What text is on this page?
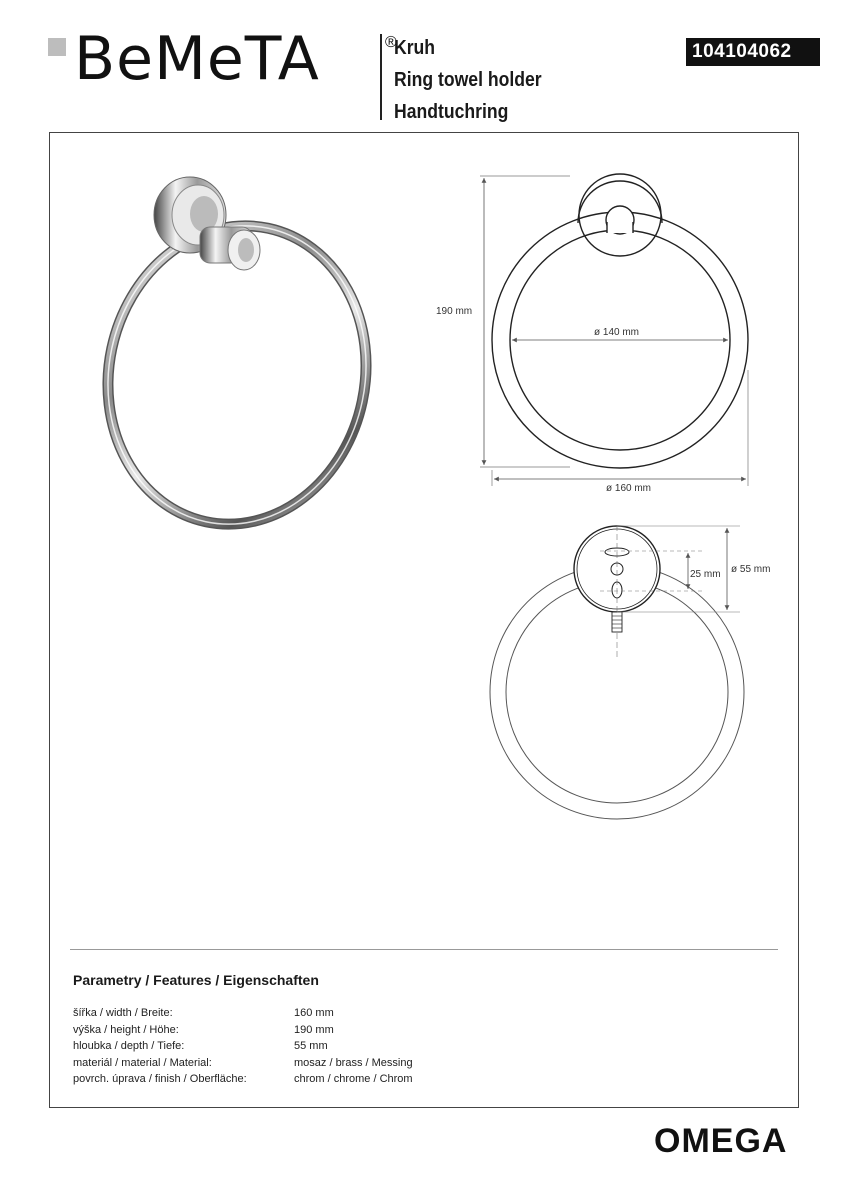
BeMeTA	®
Kruh
Ring towel holder
Handtuchring
104104062
190 mm
ø 140 mm
ø 160 mm
25 mm ø 55 mm
Parametry / Features / Eigenschaften
šířka / width / Breite:	160 mm
výška / height / Höhe:	190 mm
hloubka / depth / Tiefe:	55 mm
materiál / material / Material:	mosaz / brass / Messing
povrch. úprava / finish / Oberfläche:	chrom / chrome / Chrom
OMEGA
